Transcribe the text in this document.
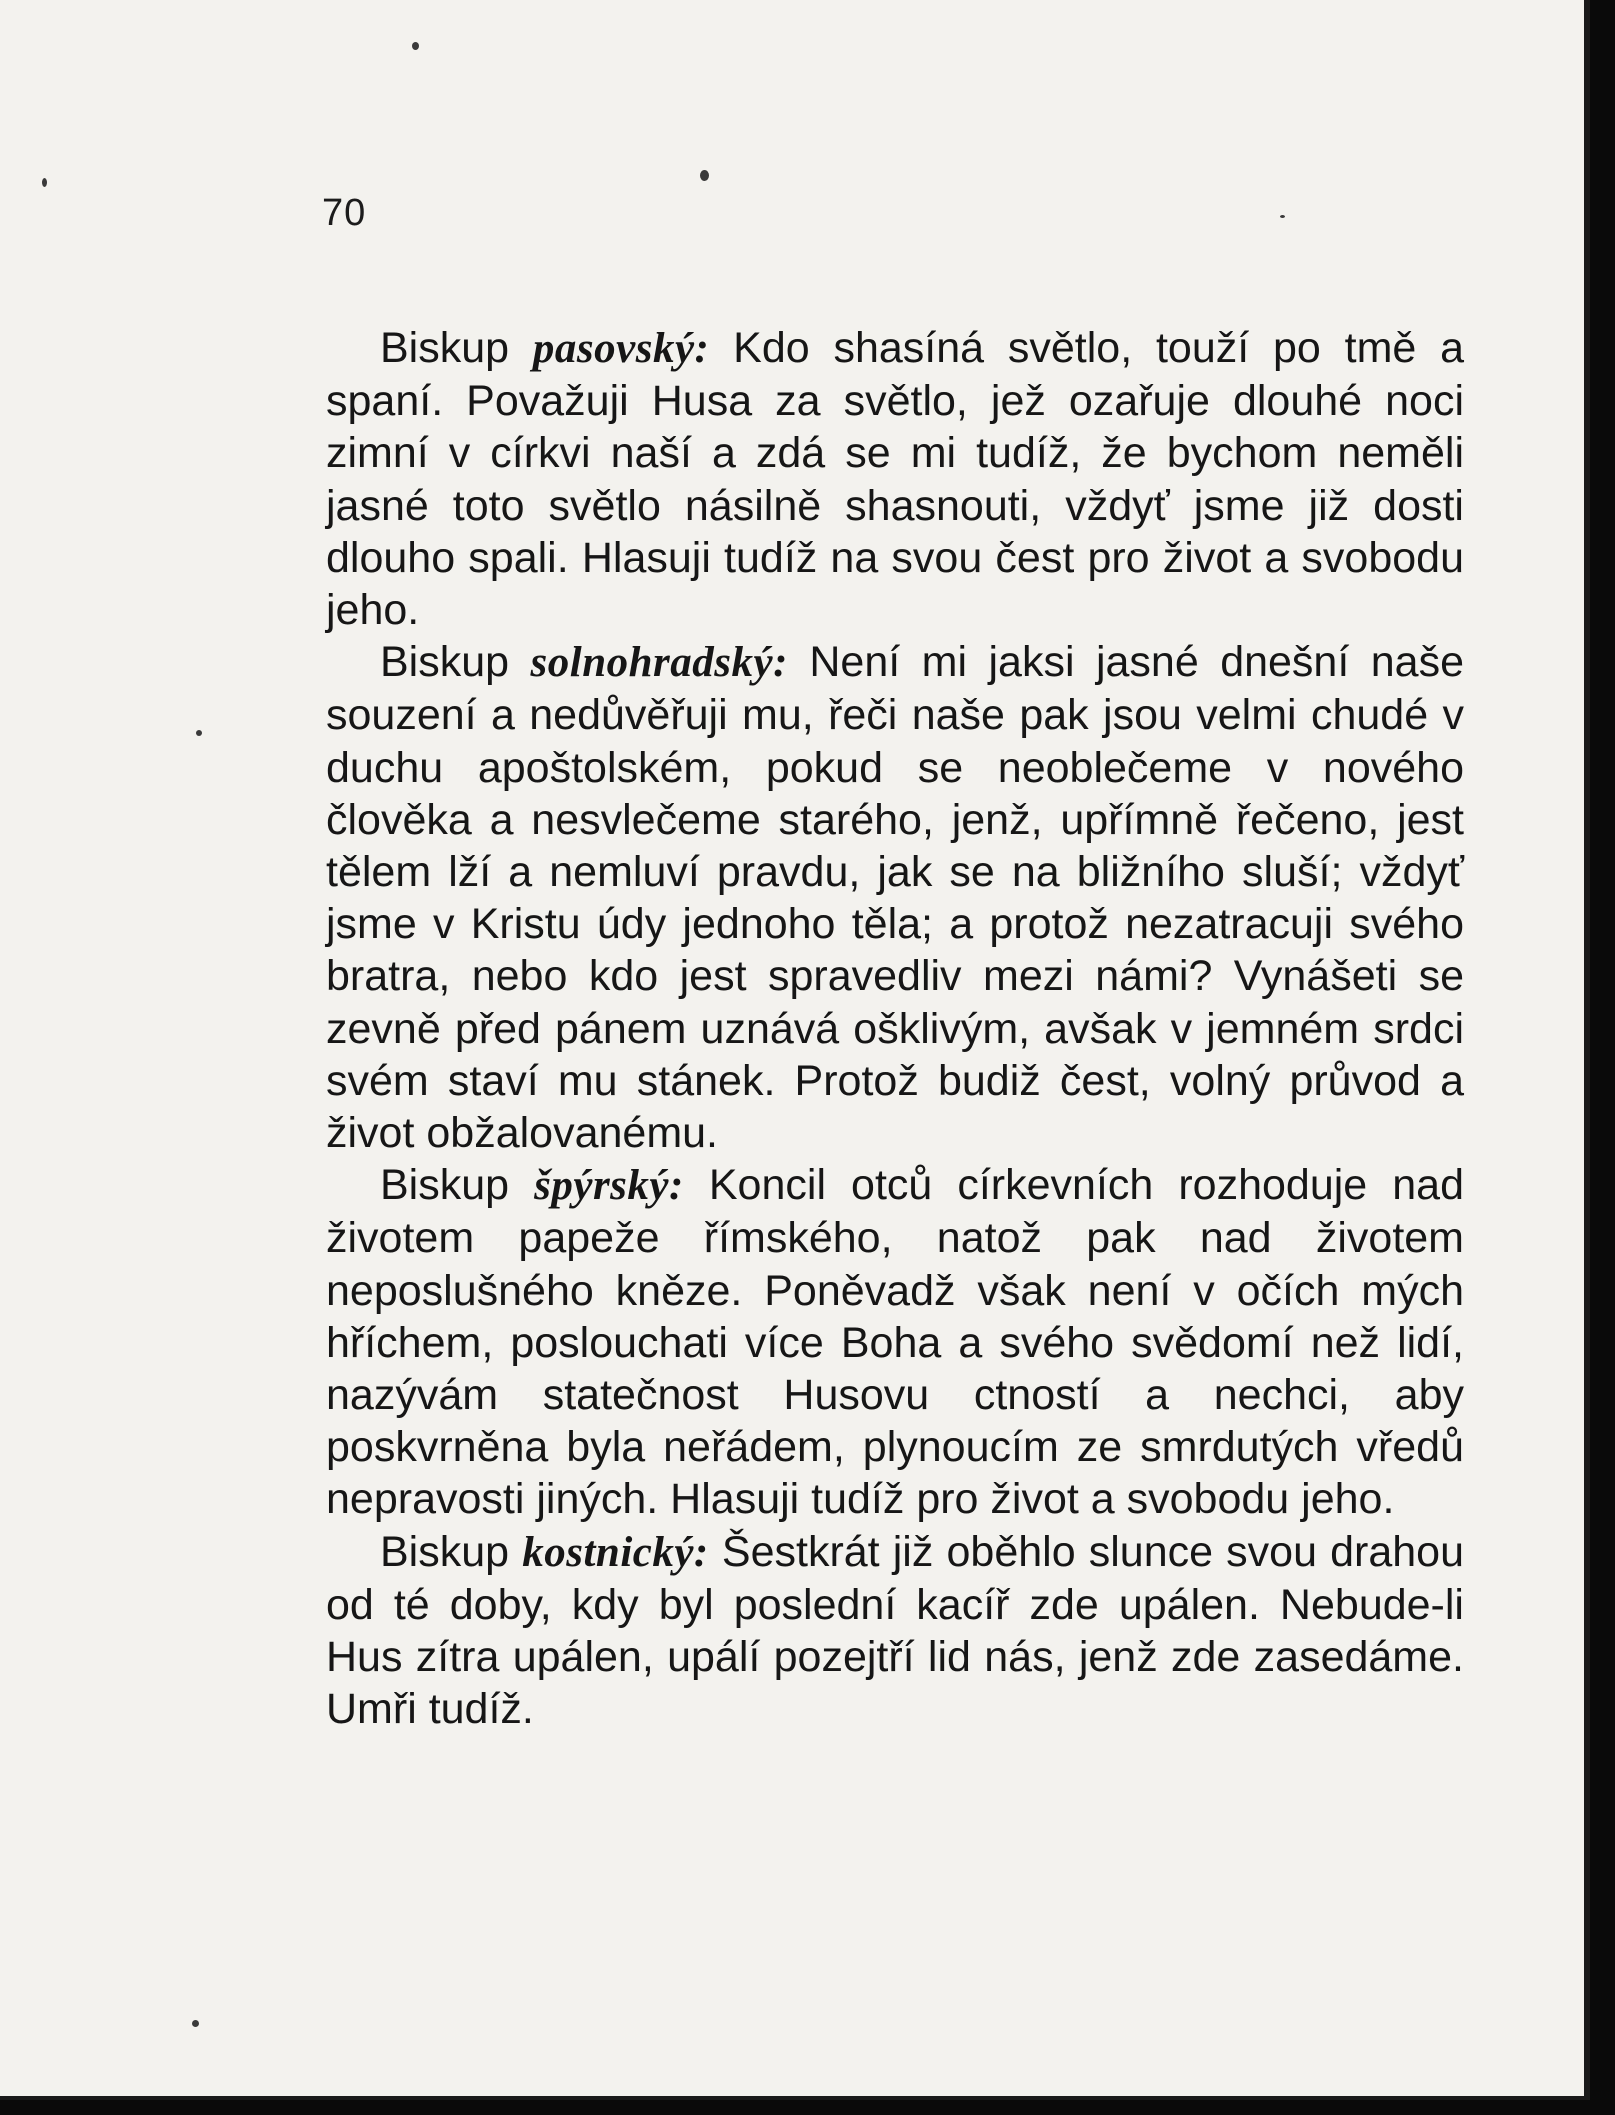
70

Biskup pasovský: Kdo shasíná světlo, touží po tmě a spaní. Považuji Husa za světlo, jež ozařuje dlouhé noci zimní v církvi naší a zdá se mi tudíž, že bychom neměli jasné toto světlo násilně shasnouti, vždyť jsme již dosti dlouho spali. Hlasuji tudíž na svou čest pro život a svobodu jeho.

Biskup solnohradský: Není mi jaksi jasné dnešní naše souzení a nedůvěřuji mu, řeči naše pak jsou velmi chudé v duchu apoštolském, pokud se neoblečeme v nového člověka a nesvlečeme starého, jenž, upřímně řečeno, jest tělem lží a nemluví pravdu, jak se na bližního sluší; vždyť jsme v Kristu údy jednoho těla; a protož nezatracuji svého bratra, nebo kdo jest spravedliv mezi námi? Vynášeti se zevně před pánem uznává ošklivým, avšak v jemném srdci svém staví mu stánek. Protož budiž čest, volný průvod a život obžalovanému.

Biskup špýrský: Koncil otců církevních rozhoduje nad životem papeže římského, natož pak nad životem neposlušného kněze. Poněvadž však není v očích mých hříchem, poslouchati více Boha a svého svědomí než lidí, nazývám statečnost Husovu ctností a nechci, aby poskvrněna byla neřádem, plynoucím ze smrdutých vředů nepravosti jiných. Hlasuji tudíž pro život a svobodu jeho.

Biskup kostnický: Šestkrát již oběhlo slunce svou drahou od té doby, kdy byl poslední kacíř zde upálen. Nebude-li Hus zítra upálen, upálí pozejtří lid nás, jenž zde zasedáme. Umři tudíž.
